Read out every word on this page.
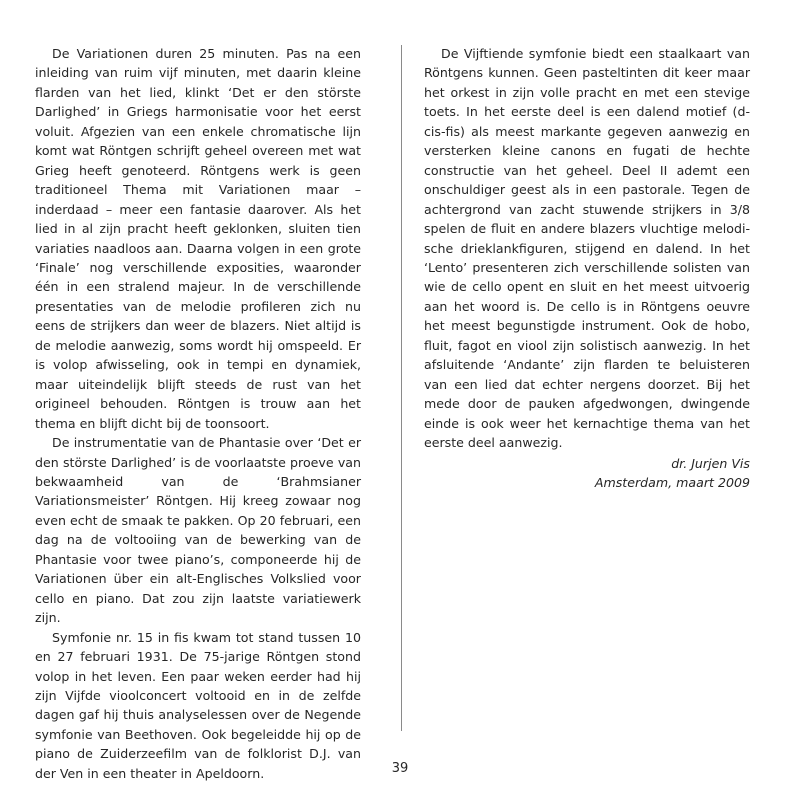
De Variationen duren 25 minuten. Pas na een inleiding van ruim vijf minuten, met daarin kleine flarden van het lied, klinkt ‘Det er den störste Darlighed’ in Griegs harmonisatie voor het eerst voluit. Afgezien van een enkele chromatische lijn komt wat Röntgen schrijft geheel overeen met wat Grieg heeft genoteerd. Röntgens werk is geen traditioneel Thema mit Variationen maar – inderdaad – meer een fantasie daarover. Als het lied in al zijn pracht heeft geklonken, sluiten tien variaties naadloos aan. Daarna volgen in een grote ‘Finale’ nog verschillende exposities, waaronder één in een stralend majeur. In de verschillende presentaties van de melodie profileren zich nu eens de strijkers dan weer de blazers. Niet altijd is de melodie aanwezig, soms wordt hij omspeeld. Er is volop afwisseling, ook in tempi en dynamiek, maar uiteindelijk blijft steeds de rust van het origineel behouden. Röntgen is trouw aan het thema en blijft dicht bij de toonsoort.

De instrumentatie van de Phantasie over ‘Det er den störste Darlighed’ is de voorlaatste proeve van bekwaamheid van de ‘Brahmsianer Variationsmeister’ Röntgen. Hij kreeg zowaar nog even echt de smaak te pakken. Op 20 februari, een dag na de voltooiing van de bewerking van de Phantasie voor twee piano’s, componeerde hij de Variationen über ein alt-Englisches Volkslied voor cello en piano. Dat zou zijn laatste variatiewerk zijn.

Symfonie nr. 15 in fis kwam tot stand tussen 10 en 27 februari 1931. De 75-jarige Röntgen stond volop in het leven. Een paar weken eerder had hij zijn Vijfde vioolconcert voltooid en in de zelfde dagen gaf hij thuis analyselessen over de Negende symfonie van Beethoven. Ook begeleidde hij op de piano de Zuiderzeefilm van de folklorist D.J. van der Ven in een theater in Apeldoorn.

De Vijftiende symfonie biedt een staalkaart van Röntgens kunnen. Geen pasteltinten dit keer maar het orkest in zijn volle pracht en met een stevige toets. In het eerste deel is een dalend motief (d-cis-fis) als meest markante gegeven aanwezig en versterken kleine canons en fugati de hechte constructie van het geheel. Deel II ademt een onschuldiger geest als in een pastorale. Tegen de achtergrond van zacht stuwende strijkers in 3/8 spelen de fluit en andere blazers vluchtige melodische drieklankfiguren, stijgend en dalend. In het ‘Lento’ presenteren zich verschillende solisten van wie de cello opent en sluit en het meest uitvoerig aan het woord is. De cello is in Röntgens oeuvre het meest begunstigde instrument. Ook de hobo, fluit, fagot en viool zijn solistisch aanwezig. In het afsluitende ‘Andante’ zijn flarden te beluisteren van een lied dat echter nergens doorzet. Bij het mede door de pauken afgedwongen, dwingende einde is ook weer het kernachtige thema van het eerste deel aanwezig.

dr. Jurjen Vis
Amsterdam, maart 2009
39
